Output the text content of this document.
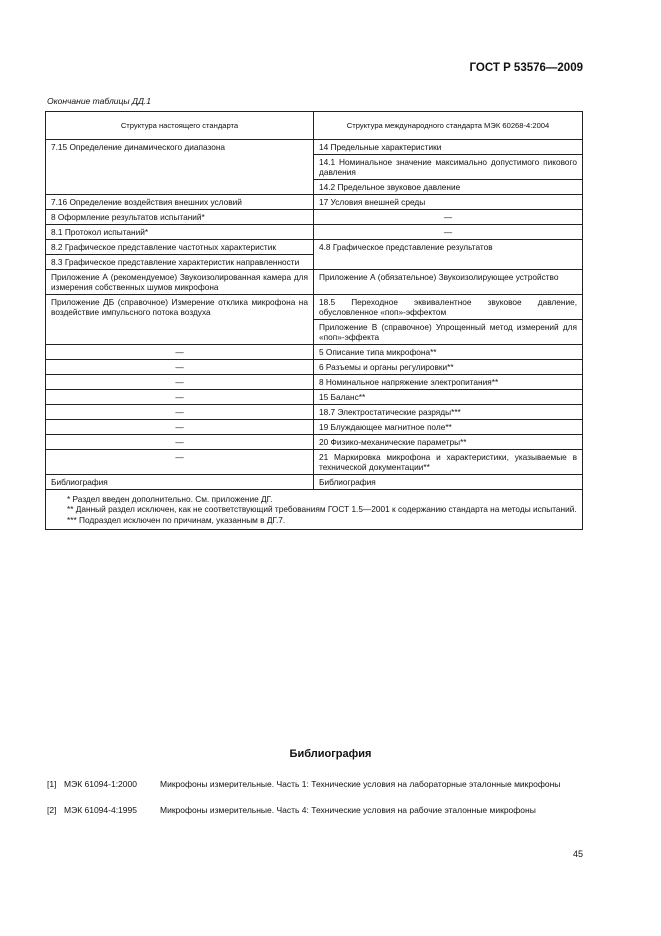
ГОСТ Р 53576—2009
Окончание таблицы ДД.1
Структура настоящего стандарта	Структура международного стандарта МЭК 60268-4:2004
7.15 Определение динамического диапазона	14 Предельные характеристики
	14.1 Номинальное значение максимально допустимого пикового давления
	14.2 Предельное звуковое давление
7.16 Определение воздействия внешних условий	17 Условия внешней среды
8 Оформление результатов испытаний*	—
8.1 Протокол испытаний*	—
8.2 Графическое представление частотных характеристик	4.8 Графическое представление результатов
8.3 Графическое представление характеристик направленности	
Приложение А (рекомендуемое) Звукоизолированная камера для измерения собственных шумов микрофона	Приложение А (обязательное) Звукоизолирующее устройство
Приложение ДБ (справочное) Измерение отклика микрофона на воздействие импульсного потока воздуха	18.5 Переходное эквивалентное звуковое давление, обусловленное «поп»-эффектом
	Приложение В (справочное) Упрощенный метод измерений для «поп»-эффекта
—	5 Описание типа микрофона**
—	6 Разъемы и органы регулировки**
—	8 Номинальное напряжение электропитания**
—	15 Баланс**
—	18.7 Электростатические разряды***
—	19 Блуждающее магнитное поле**
—	20 Физико-механические параметры**
—	21 Маркировка микрофона и характеристики, указываемые в технической документации**
Библиография	Библиография

* Раздел введен дополнительно. См. приложение ДГ.
** Данный раздел исключен, как не соответствующий требованиям ГОСТ 1.5—2001 к содержанию стандарта на методы испытаний.
*** Подраздел исключен по причинам, указанным в ДГ.7.	
Библиография
[1] МЭК 61094-1:2000	Микрофоны измерительные. Часть 1: Технические условия на лабораторные эталонные микрофоны
[2] МЭК 61094-4:1995	Микрофоны измерительные. Часть 4: Технические условия на рабочие эталонные микрофоны
45
